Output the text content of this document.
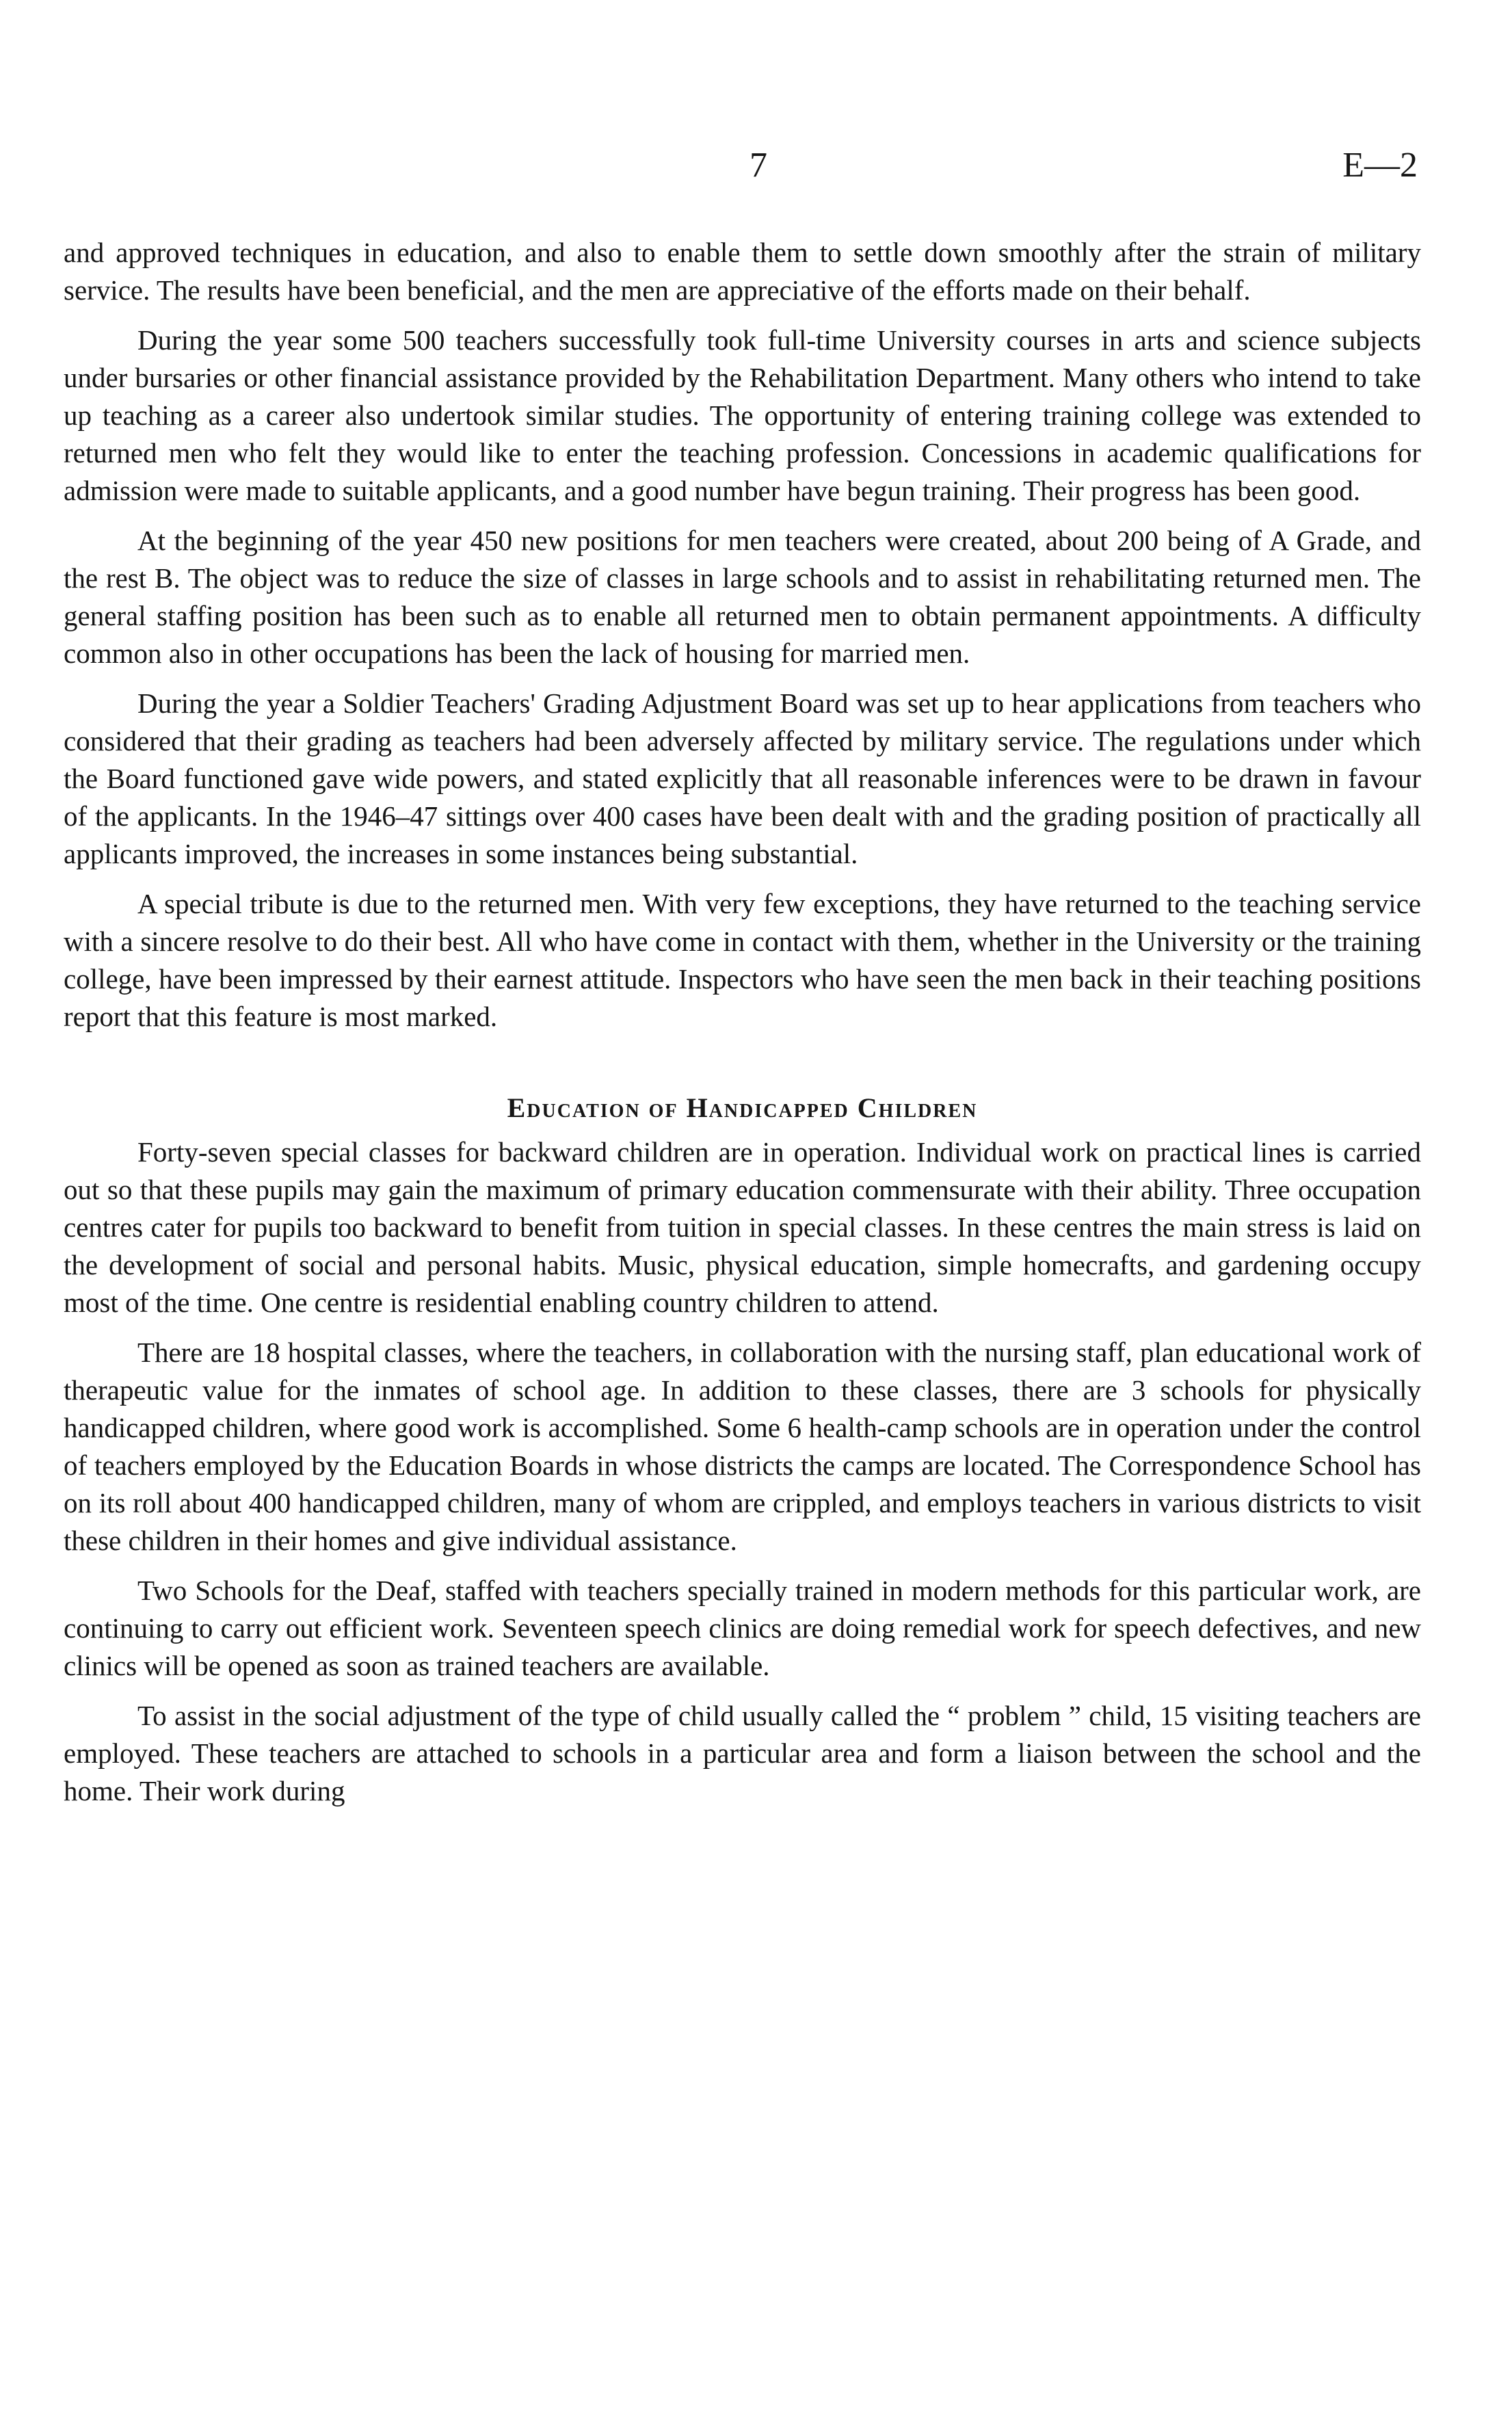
7	E—2

and approved techniques in education, and also to enable them to settle down smoothly after the strain of military service. The results have been beneficial, and the men are appreciative of the efforts made on their behalf.

During the year some 500 teachers successfully took full-time University courses in arts and science subjects under bursaries or other financial assistance provided by the Rehabilitation Department. Many others who intend to take up teaching as a career also undertook similar studies. The opportunity of entering training college was extended to returned men who felt they would like to enter the teaching profession. Concessions in academic qualifications for admission were made to suitable applicants, and a good number have begun training. Their progress has been good.

At the beginning of the year 450 new positions for men teachers were created, about 200 being of A Grade, and the rest B. The object was to reduce the size of classes in large schools and to assist in rehabilitating returned men. The general staffing position has been such as to enable all returned men to obtain permanent appointments. A difficulty common also in other occupations has been the lack of housing for married men.

During the year a Soldier Teachers' Grading Adjustment Board was set up to hear applications from teachers who considered that their grading as teachers had been adversely affected by military service. The regulations under which the Board functioned gave wide powers, and stated explicitly that all reasonable inferences were to be drawn in favour of the applicants. In the 1946–47 sittings over 400 cases have been dealt with and the grading position of practically all applicants improved, the increases in some instances being substantial.

A special tribute is due to the returned men. With very few exceptions, they have returned to the teaching service with a sincere resolve to do their best. All who have come in contact with them, whether in the University or the training college, have been impressed by their earnest attitude. Inspectors who have seen the men back in their teaching positions report that this feature is most marked.

Education of Handicapped Children

Forty-seven special classes for backward children are in operation. Individual work on practical lines is carried out so that these pupils may gain the maximum of primary education commensurate with their ability. Three occupation centres cater for pupils too backward to benefit from tuition in special classes. In these centres the main stress is laid on the development of social and personal habits. Music, physical education, simple homecrafts, and gardening occupy most of the time. One centre is residential enabling country children to attend.

There are 18 hospital classes, where the teachers, in collaboration with the nursing staff, plan educational work of therapeutic value for the inmates of school age. In addition to these classes, there are 3 schools for physically handicapped children, where good work is accomplished. Some 6 health-camp schools are in operation under the control of teachers employed by the Education Boards in whose districts the camps are located. The Correspondence School has on its roll about 400 handicapped children, many of whom are crippled, and employs teachers in various districts to visit these children in their homes and give individual assistance.

Two Schools for the Deaf, staffed with teachers specially trained in modern methods for this particular work, are continuing to carry out efficient work. Seventeen speech clinics are doing remedial work for speech defectives, and new clinics will be opened as soon as trained teachers are available.

To assist in the social adjustment of the type of child usually called the “ problem ” child, 15 visiting teachers are employed. These teachers are attached to schools in a particular area and form a liaison between the school and the home. Their work during
